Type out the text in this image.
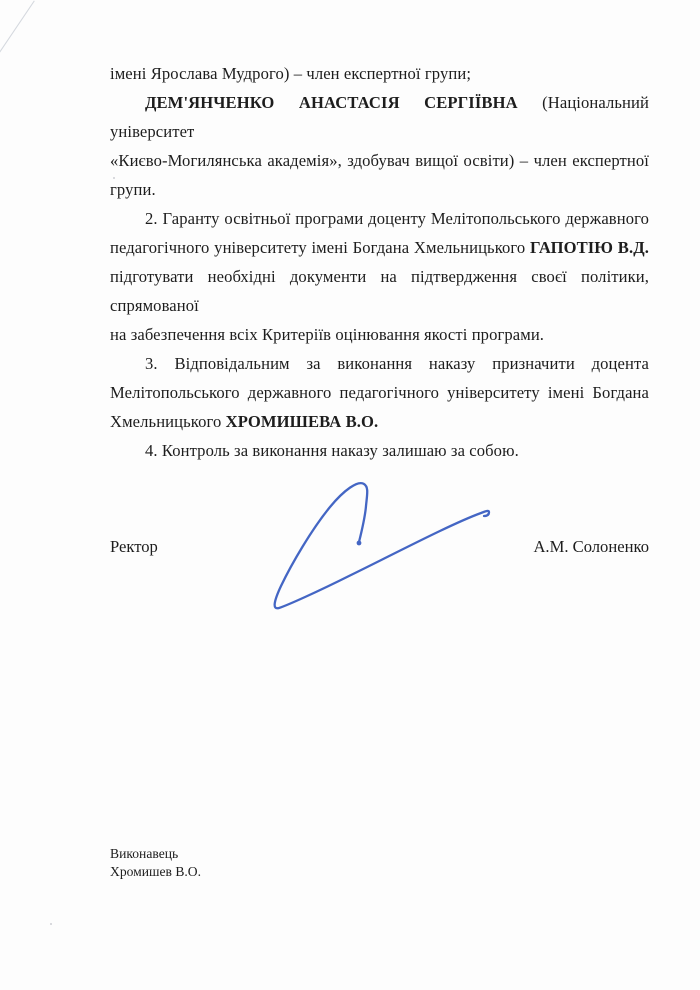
імені Ярослава Мудрого) – член експертної групи;
ДЕМ'ЯНЧЕНКО АНАСТАСІЯ СЕРГІЇВНА (Національний університет
«Києво-Могилянська академія», здобувач вищої освіти) – член експертної
групи.
2. Гаранту освітньої програми доценту Мелітопольського державного
педагогічного університету імені Богдана Хмельницького ГАПОТІЮ В.Д.
підготувати необхідні документи на підтвердження своєї політики, спрямованої
на забезпечення всіх Критеріїв оцінювання якості програми.
3. Відповідальним за виконання наказу призначити доцента
Мелітопольського державного педагогічного університету імені Богдана
Хмельницького ХРОМИШЕВА В.О.
4. Контроль за виконання наказу залишаю за собою.
Ректор	А.М. Солоненко
Виконавець
Хромишев В.О.
